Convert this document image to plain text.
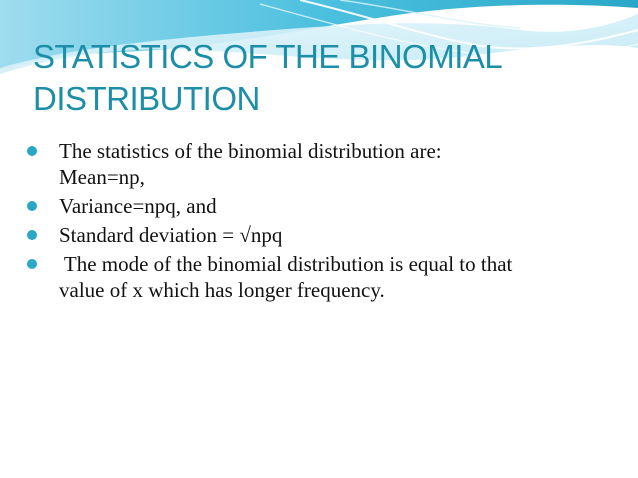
STATISTICS OF THE BINOMIAL
DISTRIBUTION
The statistics of the binomial distribution are:
Mean=np,
Variance=npq, and
Standard deviation = √npq
The mode of the binomial distribution is equal to that
value of x which has longer frequency.
